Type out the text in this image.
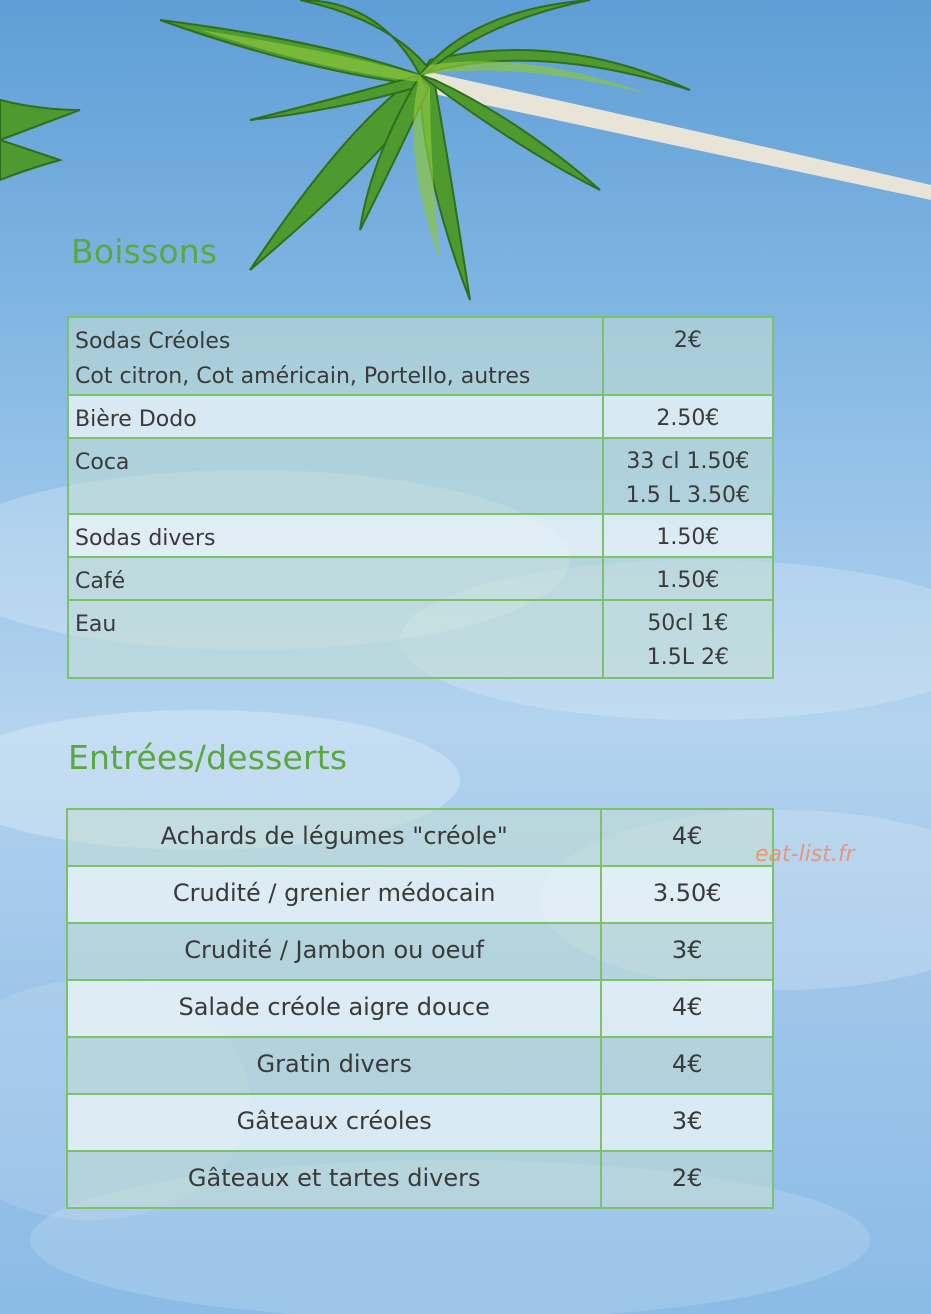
Boissons
Sodas Créoles
Cot citron, Cot américain, Portello, autres	2€

Bière Dodo	2.50€

Coca	33 cl 1.50€
1.5 L 3.50€

Sodas divers	1.50€

Café	1.50€

Eau	50cl 1€
1.5L 2€
Entrées/desserts
Achards de légumes "créole"	4€
Crudité / grenier médocain	3.50€
Crudité / Jambon ou oeuf	3€
Salade créole aigre douce	4€
Gratin divers	4€
Gâteaux créoles	3€
Gâteaux et tartes divers	2€
eat-list.fr
